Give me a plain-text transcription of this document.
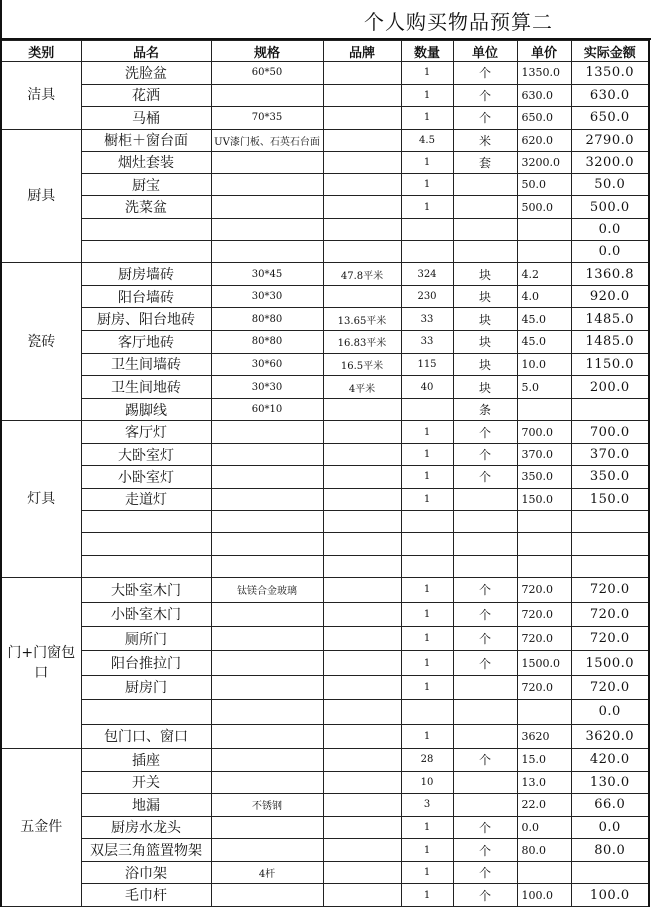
个人购买物品预算二
类别	品名	规格	品牌	数量	单位	单价	实际金额
洁具	洗脸盆	60*50		1	个	1350.0	1350.0
	花洒			1	个	630.0	630.0
	马桶	70*35		1	个	650.0	650.0
厨具	橱柜＋窗台面	UV漆门板、石英石台面		4.5	米	620.0	2790.0
	烟灶套装			1	套	3200.0	3200.0
	厨宝			1		50.0	50.0
	洗菜盆			1		500.0	500.0
							0.0
							0.0
瓷砖	厨房墙砖	30*45	47.8平米	324	块	4.2	1360.8
	阳台墙砖	30*30		230	块	4.0	920.0
	厨房、阳台地砖	80*80	13.65平米	33	块	45.0	1485.0
	客厅地砖	80*80	16.83平米	33	块	45.0	1485.0
	卫生间墙砖	30*60	16.5平米	115	块	10.0	1150.0
	卫生间地砖	30*30	4平米	40	块	5.0	200.0
	踢脚线	60*10			条		
灯具	客厅灯			1	个	700.0	700.0
	大卧室灯			1	个	370.0	370.0
	小卧室灯			1	个	350.0	350.0
	走道灯			1		150.0	150.0

门+门窗包口	大卧室木门	钛镁合金玻璃		1	个	720.0	720.0
	小卧室木门			1	个	720.0	720.0
	厕所门			1	个	720.0	720.0
	阳台推拉门			1	个	1500.0	1500.0
	厨房门			1		720.0	720.0
							0.0
	包门口、窗口			1		3620	3620.0
五金件	插座			28	个	15.0	420.0
	开关			10		13.0	130.0
	地漏	不锈钢		3		22.0	66.0
	厨房水龙头			1	个	0.0	0.0
	双层三角篮置物架			1	个	80.0	80.0
	浴巾架	4杆		1	个		
	毛巾杆			1	个	100.0	100.0
